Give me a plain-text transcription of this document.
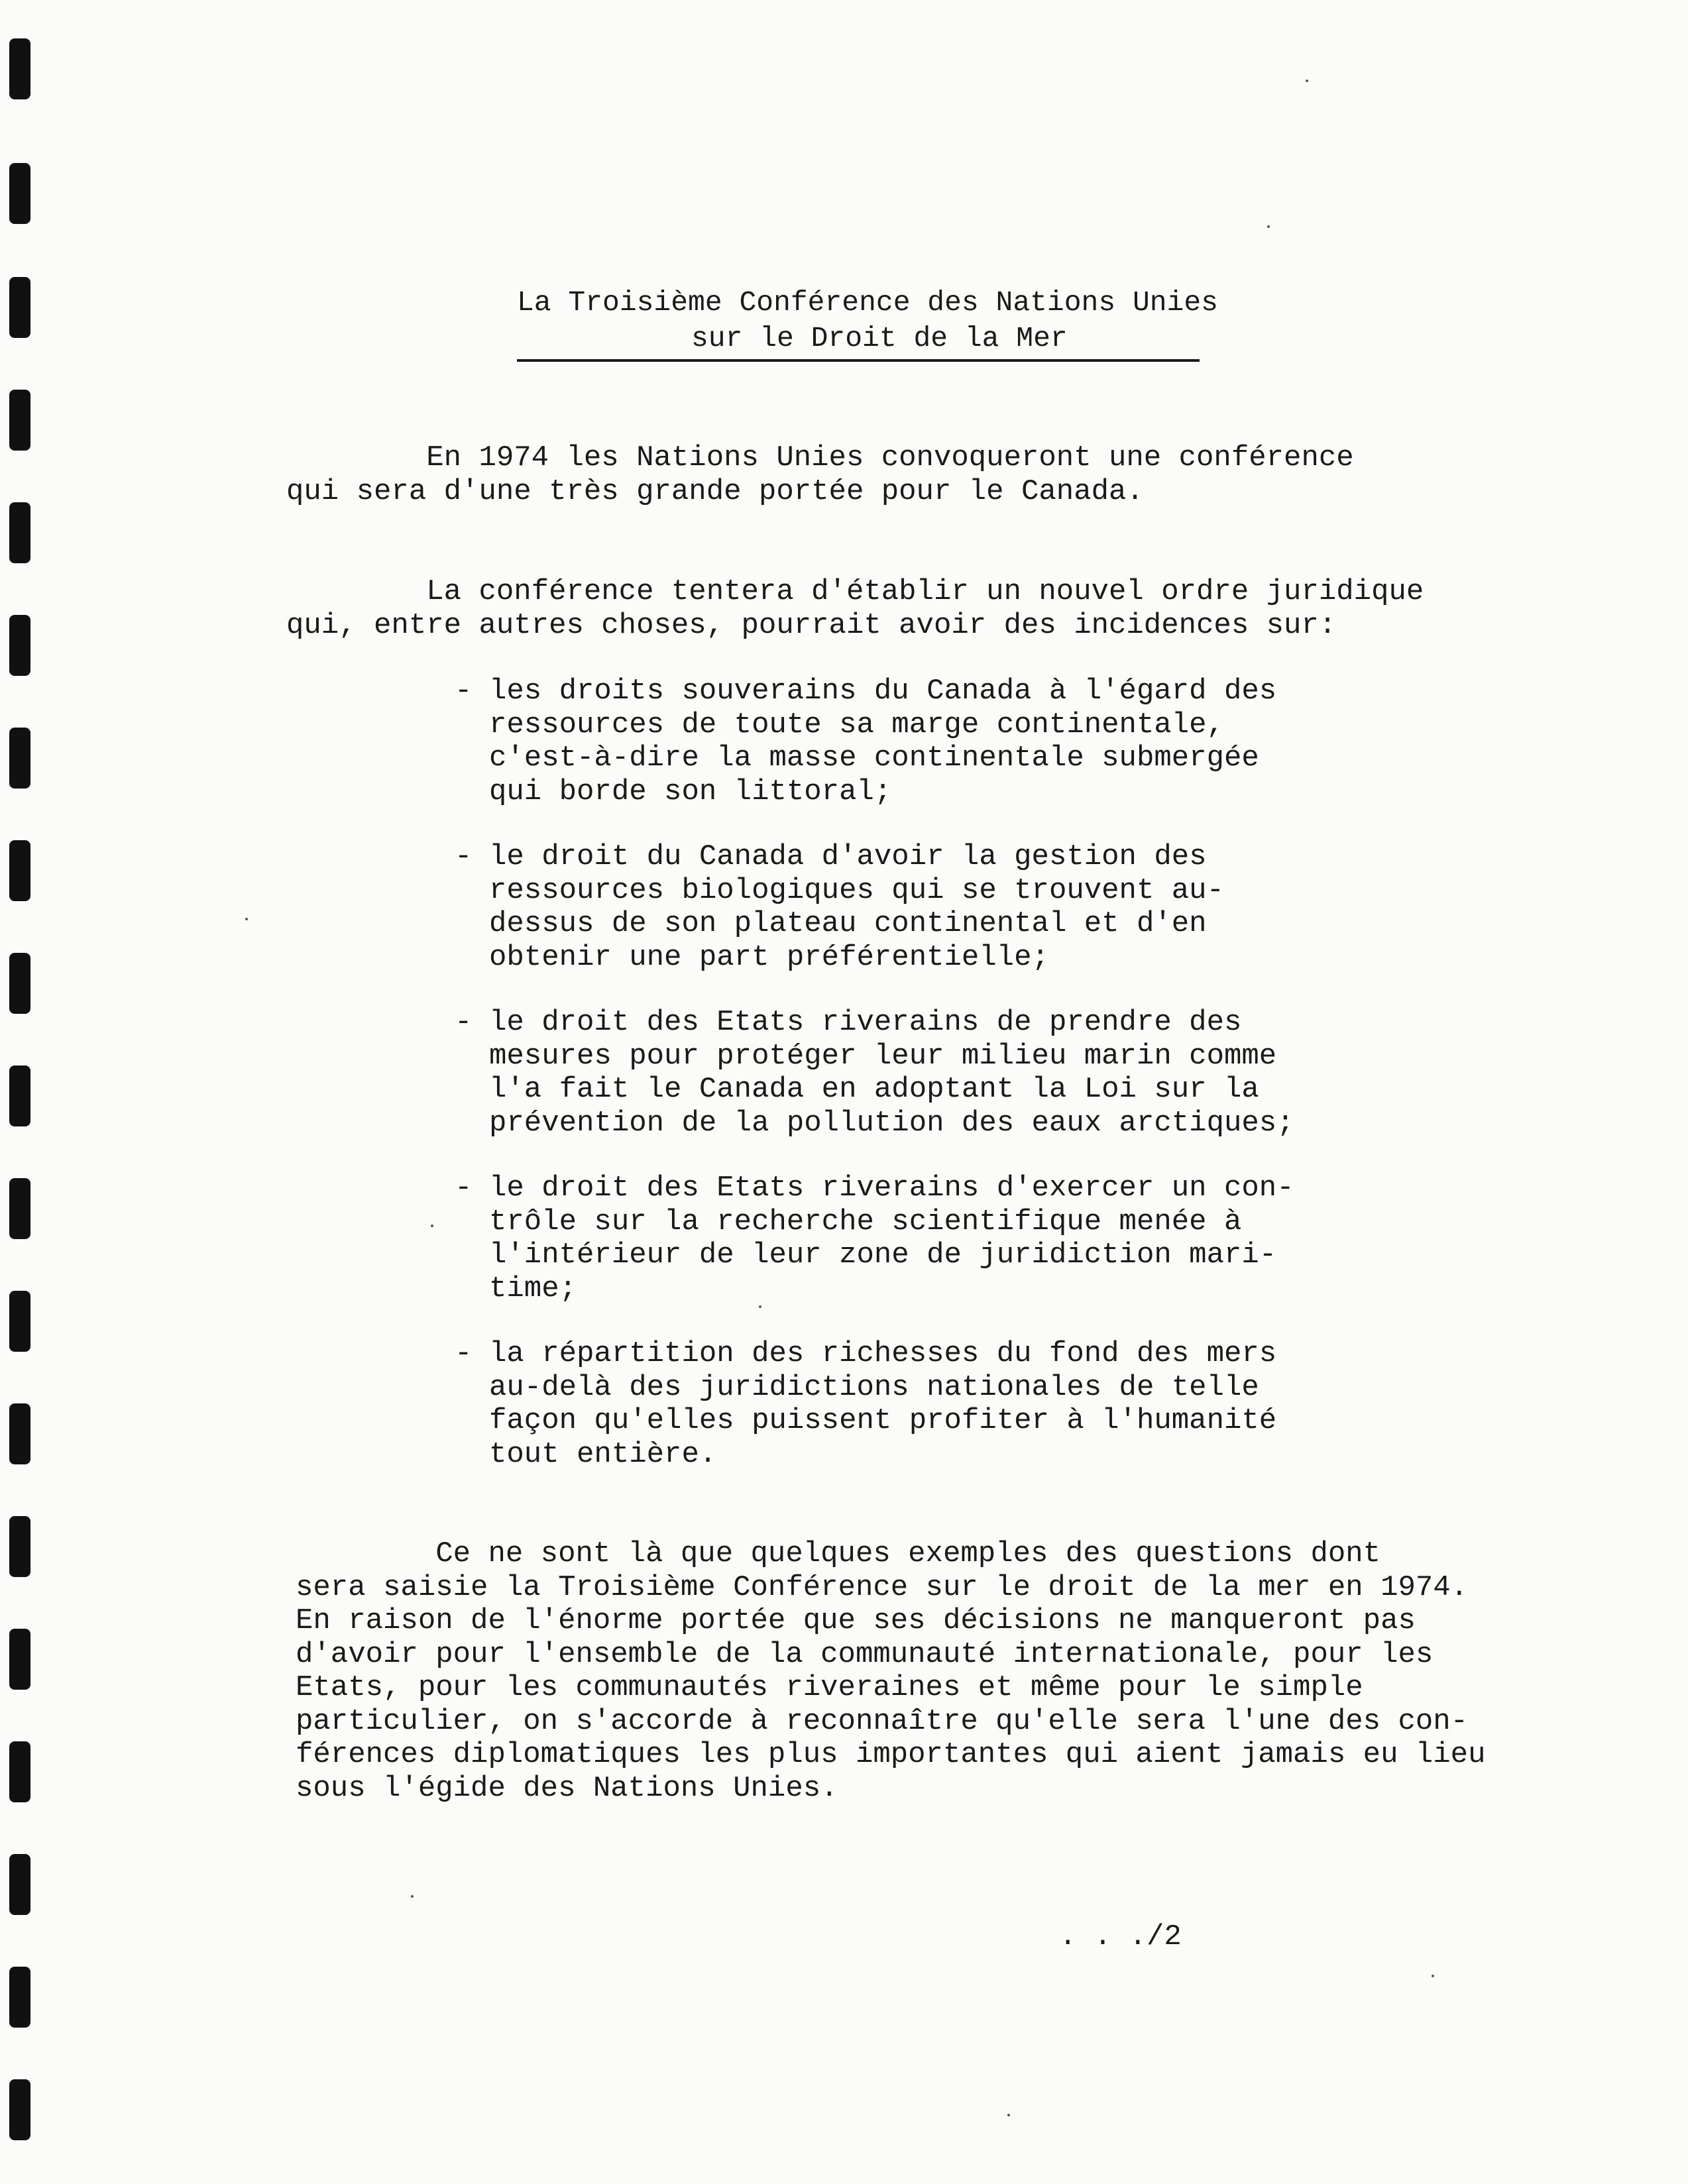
La Troisième Conférence des Nations Unies
sur le Droit de la Mer
En 1974 les Nations Unies convoqueront une conférence
qui sera d'une très grande portée pour le Canada.
La conférence tentera d'établir un nouvel ordre juridique
qui, entre autres choses, pourrait avoir des incidences sur:
- les droits souverains du Canada à l'égard des
ressources de toute sa marge continentale,
c'est-à-dire la masse continentale submergée
qui borde son littoral;
- le droit du Canada d'avoir la gestion des
ressources biologiques qui se trouvent au-
dessus de son plateau continental et d'en
obtenir une part préférentielle;
- le droit des Etats riverains de prendre des
mesures pour protéger leur milieu marin comme
l'a fait le Canada en adoptant la Loi sur la
prévention de la pollution des eaux arctiques;
- le droit des Etats riverains d'exercer un con-
trôle sur la recherche scientifique menée à
l'intérieur de leur zone de juridiction mari-
time;
- la répartition des richesses du fond des mers
au-delà des juridictions nationales de telle
façon qu'elles puissent profiter à l'humanité
tout entière.
Ce ne sont là que quelques exemples des questions dont
sera saisie la Troisième Conférence sur le droit de la mer en 1974.
En raison de l'énorme portée que ses décisions ne manqueront pas
d'avoir pour l'ensemble de la communauté internationale, pour les
Etats, pour les communautés riveraines et même pour le simple
particulier, on s'accorde à reconnaître qu'elle sera l'une des con-
férences diplomatiques les plus importantes qui aient jamais eu lieu
sous l'égide des Nations Unies.
. . ./2
